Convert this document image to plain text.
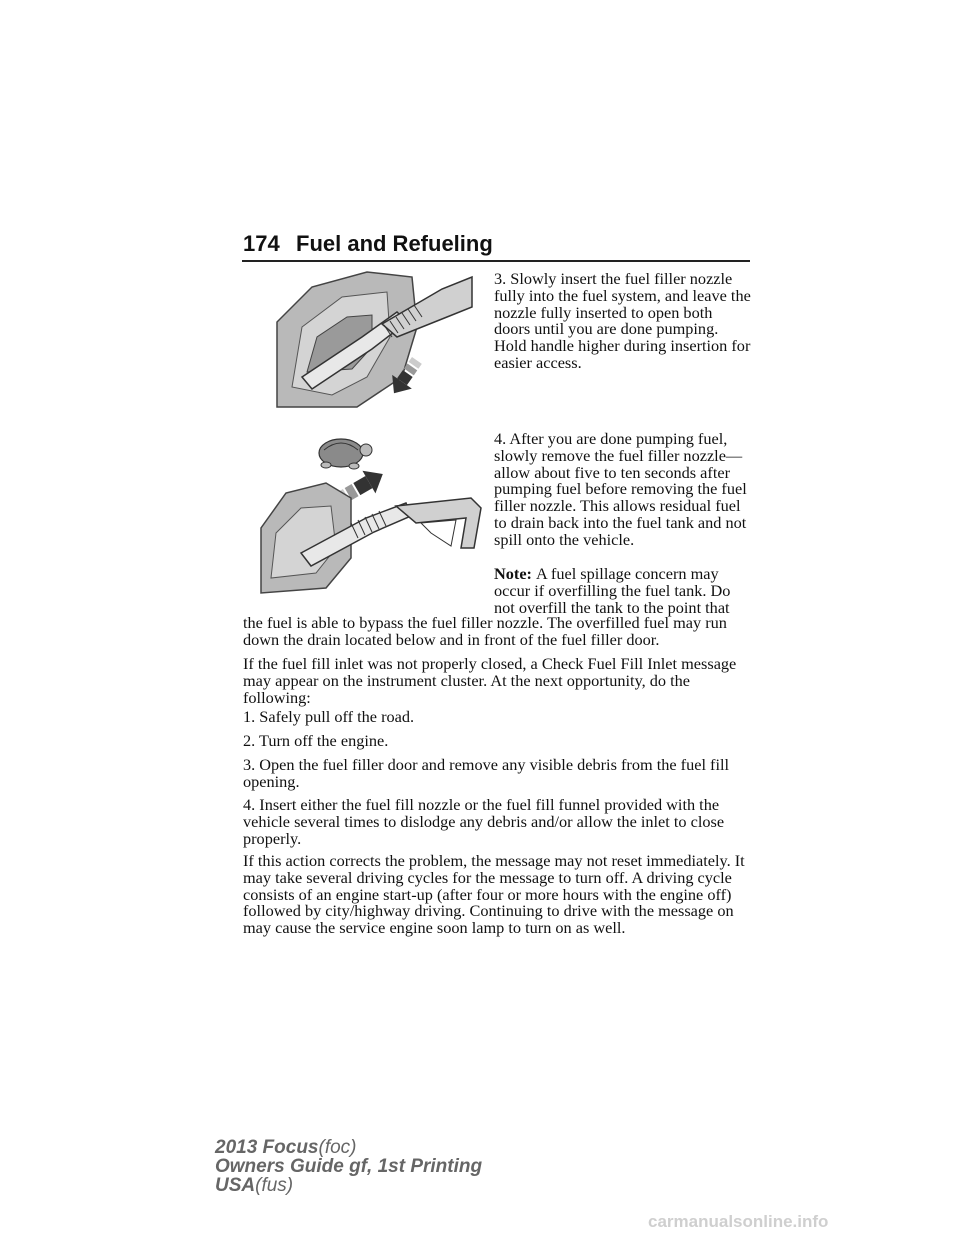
174 Fuel and Refueling
3. Slowly insert the fuel filler nozzle fully into the fuel system, and leave the nozzle fully inserted to open both doors until you are done pumping. Hold handle higher during insertion for easier access.
4. After you are done pumping fuel, slowly remove the fuel filler nozzle—allow about five to ten seconds after pumping fuel before removing the fuel filler nozzle. This allows residual fuel to drain back into the fuel tank and not spill onto the vehicle.
Note: A fuel spillage concern may occur if overfilling the fuel tank. Do not overfill the tank to the point that
the fuel is able to bypass the fuel filler nozzle. The overfilled fuel may run down the drain located below and in front of the fuel filler door.
If the fuel fill inlet was not properly closed, a Check Fuel Fill Inlet message may appear on the instrument cluster. At the next opportunity, do the following:
1. Safely pull off the road.
2. Turn off the engine.
3. Open the fuel filler door and remove any visible debris from the fuel fill opening.
4. Insert either the fuel fill nozzle or the fuel fill funnel provided with the vehicle several times to dislodge any debris and/or allow the inlet to close properly.
If this action corrects the problem, the message may not reset immediately. It may take several driving cycles for the message to turn off. A driving cycle consists of an engine start-up (after four or more hours with the engine off) followed by city/highway driving. Continuing to drive with the message on may cause the service engine soon lamp to turn on as well.
2013 Focus(foc)
Owners Guide gf, 1st Printing
USA(fus)
carmanualsonline.info
